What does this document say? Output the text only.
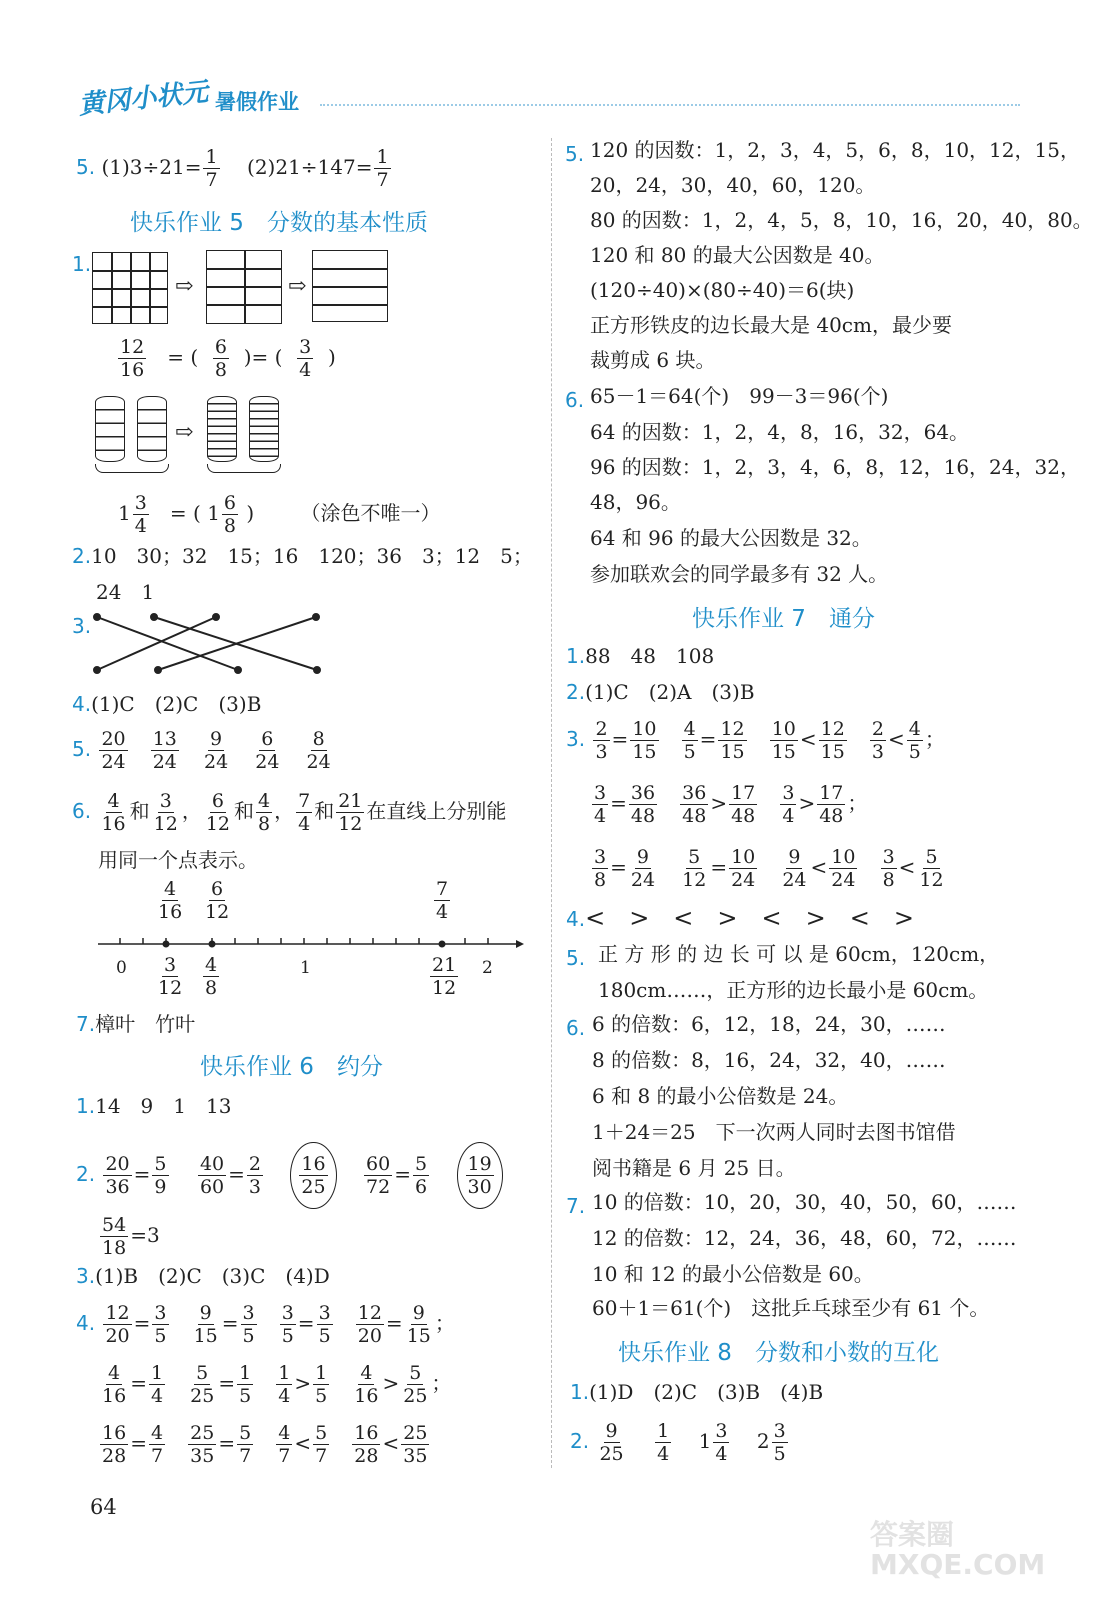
黄冈小状元 暑假作业
5. $(1)3\div 21= \frac{1}{7} (2)21\div 147= \frac{1}{7}$
快乐作业 5　分数的基本性质
1.
⇨	⇨
$\frac{12}{16}$ = ( $\frac{6}{8}$ )= ( $\frac{3}{4}$ )
⇨
$1 \frac{3}{4}$ = ( $1 \frac{6}{8}$ ) （涂色不唯一）
2.10　30；32　15；16　120；36　3；12　5；
24　1
3.
4.(1)C　(2)C　(3)B
5. $\frac{20}{24}$
$\frac{13}{24}$
$\frac{9}{24}$
$\frac{6}{24}$
$\frac{8}{24}$
6. $\frac{4}{16}$ 和 $\frac{3}{12}$ ， $\frac{6}{12}$ 和 $\frac{4}{8}$ ， $\frac{7}{4}$ 和 $\frac{21}{12}$ 在直线上分别能
用同一个点表示。
$\frac{4}{16} \frac{6}{12}$	$\frac{7}{4}$
0	1	2
$\frac{3}{12} \frac{4}{8}$	$\frac{21}{12}$
7.樟叶　竹叶
快乐作业 6　约分
1.14　9　1　13
2. $\frac{20}{36} = \frac{5}{9}$
$\frac{40}{60} = \frac{2}{3}$
$\frac{16}{25}$
$\frac{60}{72} = \frac{5}{6}$
$\frac{19}{30}$
$\frac{54}{18} =3$
3.(1)B　(2)C　(3)C　(4)D
4. $\frac{12}{20} = \frac{3}{5}$
$\frac{9}{15} = \frac{3}{5}$
$\frac{3}{5} = \frac{3}{5}$
$\frac{12}{20} = \frac{9}{15}$ ；
$\frac{4}{16} = \frac{1}{4}$
$\frac{5}{25} = \frac{1}{5}$
$\frac{1}{4} > \frac{1}{5}$
$\frac{4}{16} > \frac{5}{25}$ ；
$\frac{16}{28} = \frac{4}{7}$
$\frac{25}{35} = \frac{5}{7}$
$\frac{4}{7} < \frac{5}{7}$
$\frac{16}{28} < \frac{25}{35}$
64
5. 120 的因数：1，2，3，4，5，6，8，10，12，15，
20，24，30，40，60，120。
80 的因数：1，2，4，5，8，10，16，20，40，80。
120 和 80 的最大公因数是 40。
(120÷40)×(80÷40)＝6(块)
正方形铁皮的边长最大是 40cm，最少要
裁剪成 6 块。
6. 65－1＝64(个)　99－3＝96(个)
64 的因数：1，2，4，8，16，32，64。
96 的因数：1，2，3，4，6，8，12，16，24，32，
48，96。
64 和 96 的最大公因数是 32。
参加联欢会的同学最多有 32 人。
快乐作业 7　通分
1.88　48　108
2.(1)C　(2)A　(3)B
3. $\frac{2}{3} = \frac{10}{15}$
$\frac{4}{5} = \frac{12}{15}$
$\frac{10}{15} < \frac{12}{15}$
$\frac{2}{3} < \frac{4}{5}$ ；
$\frac{3}{4} = \frac{36}{48}$
$\frac{36}{48} > \frac{17}{48}$
$\frac{3}{4} > \frac{17}{48}$ ；
$\frac{3}{8} = \frac{9}{24}$
$\frac{5}{12} = \frac{10}{24}$
$\frac{9}{24} < \frac{10}{24}$
$\frac{3}{8} < \frac{5}{12}$
4.<　>　<　>　<　>　<　>
5. 正 方 形 的 边 长 可 以 是 60cm，120cm，
180cm……，正方形的边长最小是 60cm。
6. 6 的倍数：6，12，18，24，30，……
8 的倍数：8，16，24，32，40，……
6 和 8 的最小公倍数是 24。
1＋24＝25　下一次两人同时去图书馆借
阅书籍是 6 月 25 日。
7. 10 的倍数：10，20，30，40，50，60，……
12 的倍数：12，24，36，48，60，72，……
10 和 12 的最小公倍数是 60。
60＋1＝61(个)　这批乒乓球至少有 61 个。
快乐作业 8　分数和小数的互化
1.(1)D　(2)C　(3)B　(4)B
2. $\frac{9}{25}$
$\frac{1}{4} 1 \frac{3}{4} 2 \frac{3}{5}$
答案圈 MXQE.COM
